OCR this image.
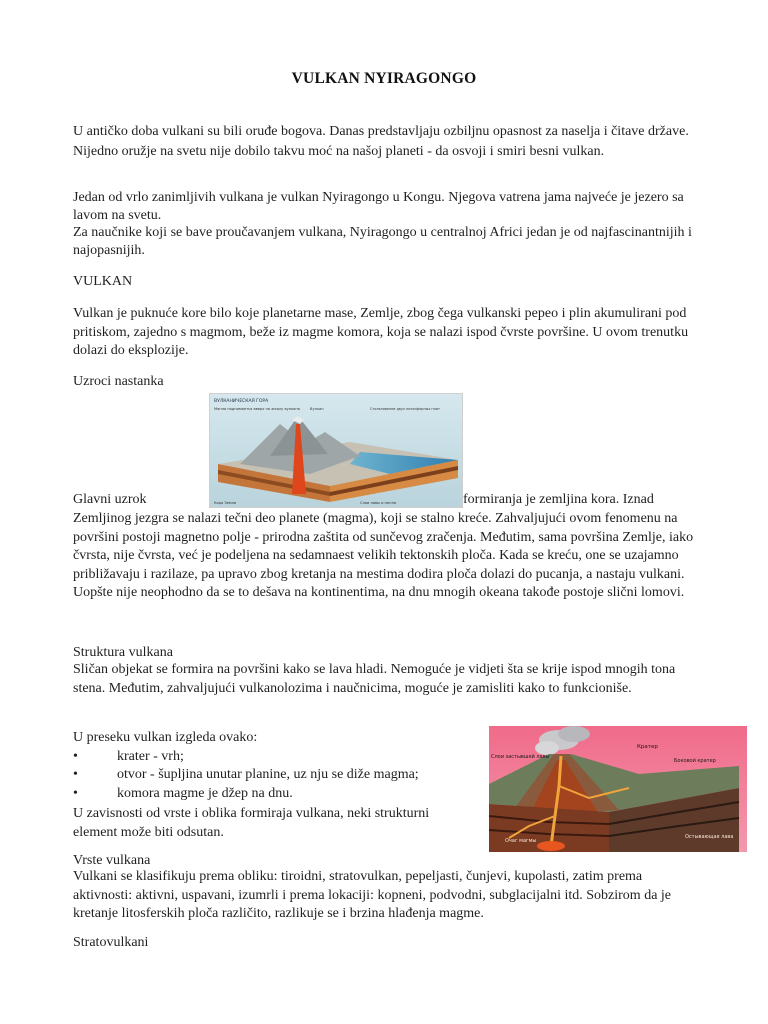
VULKAN NYIRAGONGO

U antičko doba vulkani su bili oruđe bogova. Danas predstavljaju ozbiljnu opasnost za naselja i čitave države. Nijedno oružje na svetu nije dobilo takvu moć na našoj planeti - da osvoji i smiri besni vulkan.

Jedan od vrlo zanimljivih vulkana je vulkan Nyiragongo u Kongu. Njegova vatrena jama najveće je jezero sa lavom na svetu.

Za naučnike koji se bave proučavanjem vulkana, Nyiragongo u centralnoj Africi jedan je od najfascinantnijih i najopasnijih.

VULKAN

Vulkan je puknuće kore bilo koje planetarne mase, Zemlje, zbog čega vulkanski pepeo i plin akumulirani pod pritiskom, zajedno s magmom, beže iz magme komora, koja se nalazi ispod čvrste površine. U ovom trenutku dolazi do eksplozije.

Uzroci nastanka
ВУЛКАНИЧЕСКАЯ ГОРА
Магма поднимается вверх по жерлу вулкана	Вулкан	Столкновение двух литосферных плит
Кора Земли	Слои лавы и пепла
Glavni uzrok	formiranja je zemljina kora. Iznad

Zemljinog jezgra se nalazi tečni deo planete (magma), koji se stalno kreće. Zahvaljujući ovom fenomenu na površini postoji magnetno polje - prirodna zaštita od sunčevog zračenja. Međutim, sama površina Zemlje, iako čvrsta, nije čvrsta, već je podeljena na sedamnaest velikih tektonskih ploča. Kada se kreću, one se uzajamno približavaju i razilaze, pa upravo zbog kretanja na mestima dodira ploča dolazi do pucanja, a nastaju vulkani. Uopšte nije neophodno da se to dešava na kontinentima, na dnu mnogih okeana takođe postoje slični lomovi.

Struktura vulkana

Sličan objekat se formira na površini kako se lava hladi. Nemoguće je vidjeti šta se krije ispod mnogih tona stena. Međutim, zahvaljujući vulkanolozima i naučnicima, moguće je zamisliti kako to funkcioniše.

U preseku vulkan izgleda ovako:

•	krater - vrh;
•	otvor - šupljina unutar planine, uz nju se diže magma;
•	komora magme je džep na dnu.

U zavisnosti od vrste i oblika formiraja vulkana, neki strukturni element može biti odsutan.

Кратер
Слои застывшей лавы
Боковой кратер
Очаг магмы
Остывающая лава
Vrste vulkana

Vulkani se klasifikuju prema obliku: tiroidni, stratovulkan, pepeljasti, čunjevi, kupolasti, zatim prema aktivnosti: aktivni, uspavani, izumrli i prema lokaciji: kopneni, podvodni, subglacijalni itd. Sobzirom da je kretanje litosferskih ploča različito, razlikuje se i brzina hlađenja magme.

Stratovulkani
